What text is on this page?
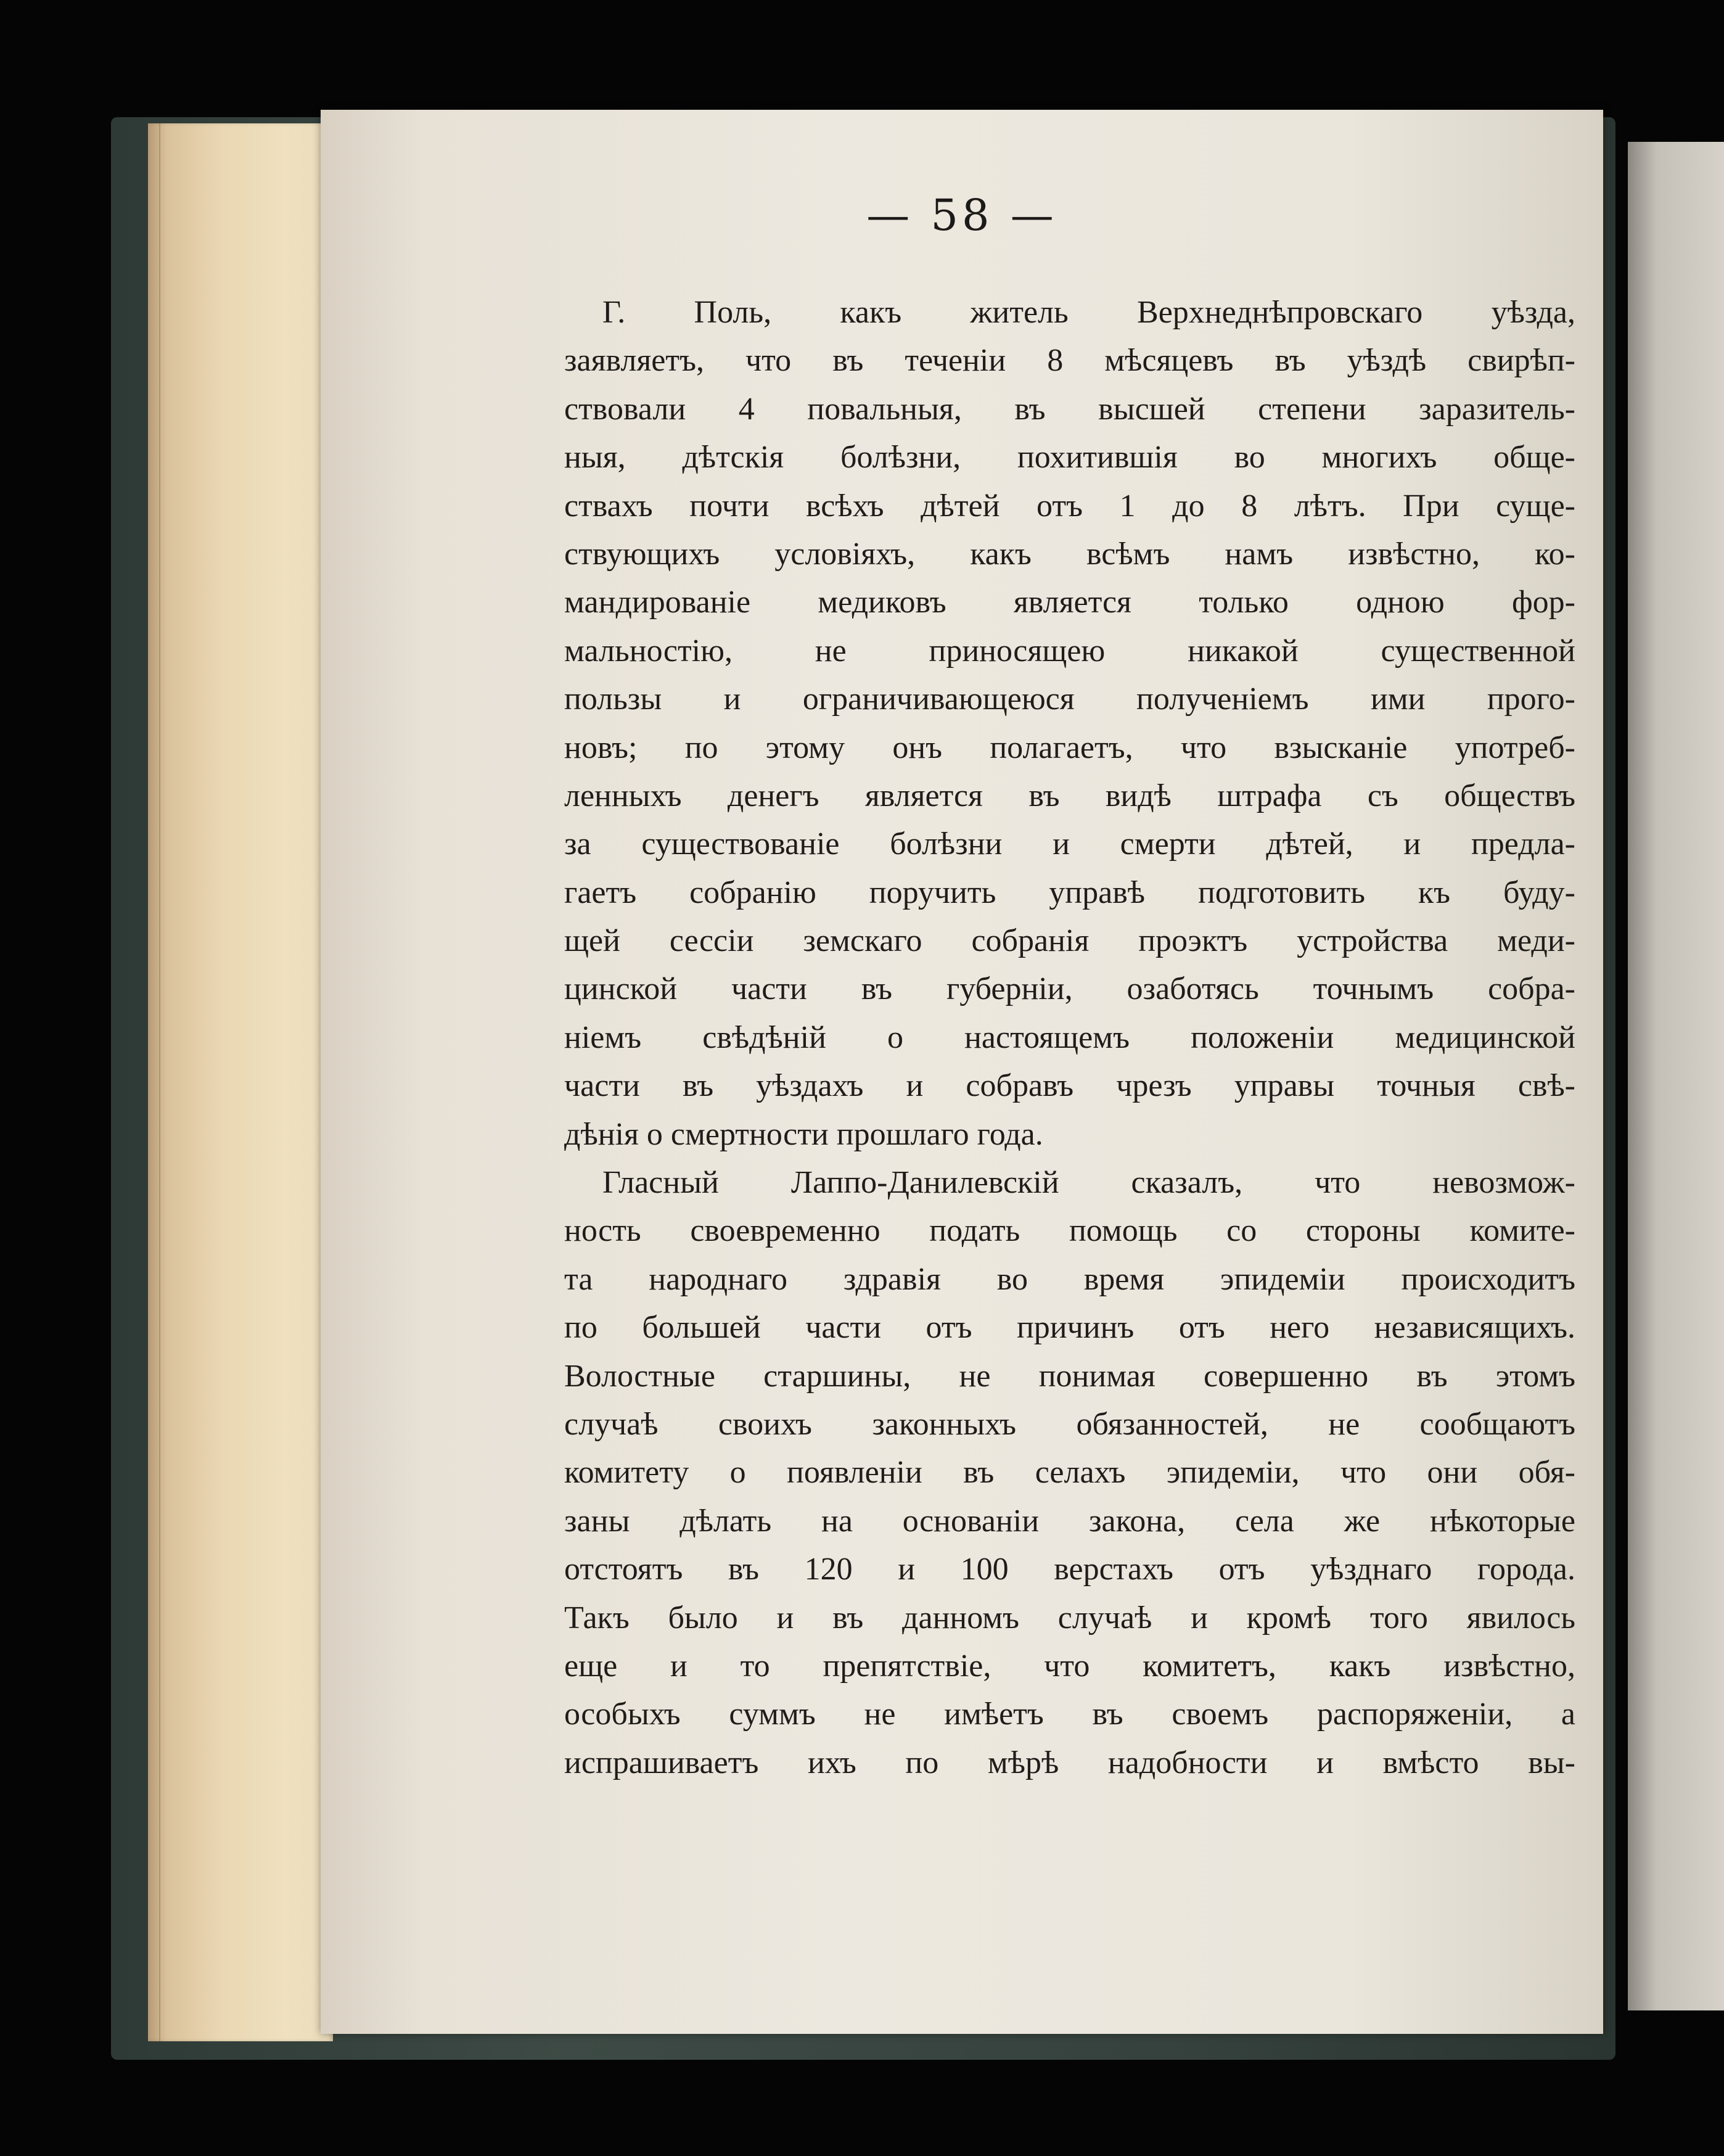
— 58 —
Г. Поль, какъ житель Верхнеднѣпровскаго уѣзда,
заявляетъ, что въ теченіи 8 мѣсяцевъ въ уѣздѣ свирѣп-
ствовали 4 повальныя, въ высшей степени заразитель-
ныя, дѣтскія болѣзни, похитившія во многихъ обще-
ствахъ почти всѣхъ дѣтей отъ 1 до 8 лѣтъ. При суще-
ствующихъ условіяхъ, какъ всѣмъ намъ извѣстно, ко-
мандированіе медиковъ является только одною фор-
мальностію, не приносящею никакой существенной
пользы и ограничивающеюся полученіемъ ими прого-
новъ; по этому онъ полагаетъ, что взысканіе употреб-
ленныхъ денегъ является въ видѣ штрафа съ обществъ
за существованіе болѣзни и смерти дѣтей, и предла-
гаетъ собранію поручить управѣ подготовить къ буду-
щей сессіи земскаго собранія проэктъ устройства меди-
цинской части въ губерніи, озаботясь точнымъ собра-
ніемъ свѣдѣній о настоящемъ положеніи медицинской
части въ уѣздахъ и собравъ чрезъ управы точныя свѣ-
дѣнія о смертности прошлаго года.
Гласный Лаппо-Данилевскій сказалъ, что невозмож-
ность своевременно подать помощь со стороны комите-
та народнаго здравія во время эпидеміи происходитъ
по большей части отъ причинъ отъ него независящихъ.
Волостные старшины, не понимая совершенно въ этомъ
случаѣ своихъ законныхъ обязанностей, не сообщаютъ
комитету о появленіи въ селахъ эпидеміи, что они обя-
заны дѣлать на основаніи закона, села же нѣкоторые
отстоятъ въ 120 и 100 верстахъ отъ уѣзднаго города.
Такъ было и въ данномъ случаѣ и кромѣ того явилось
еще и то препятствіе, что комитетъ, какъ извѣстно,
особыхъ суммъ не имѣетъ въ своемъ распоряженіи, а
испрашиваетъ ихъ по мѣрѣ надобности и вмѣсто вы-
